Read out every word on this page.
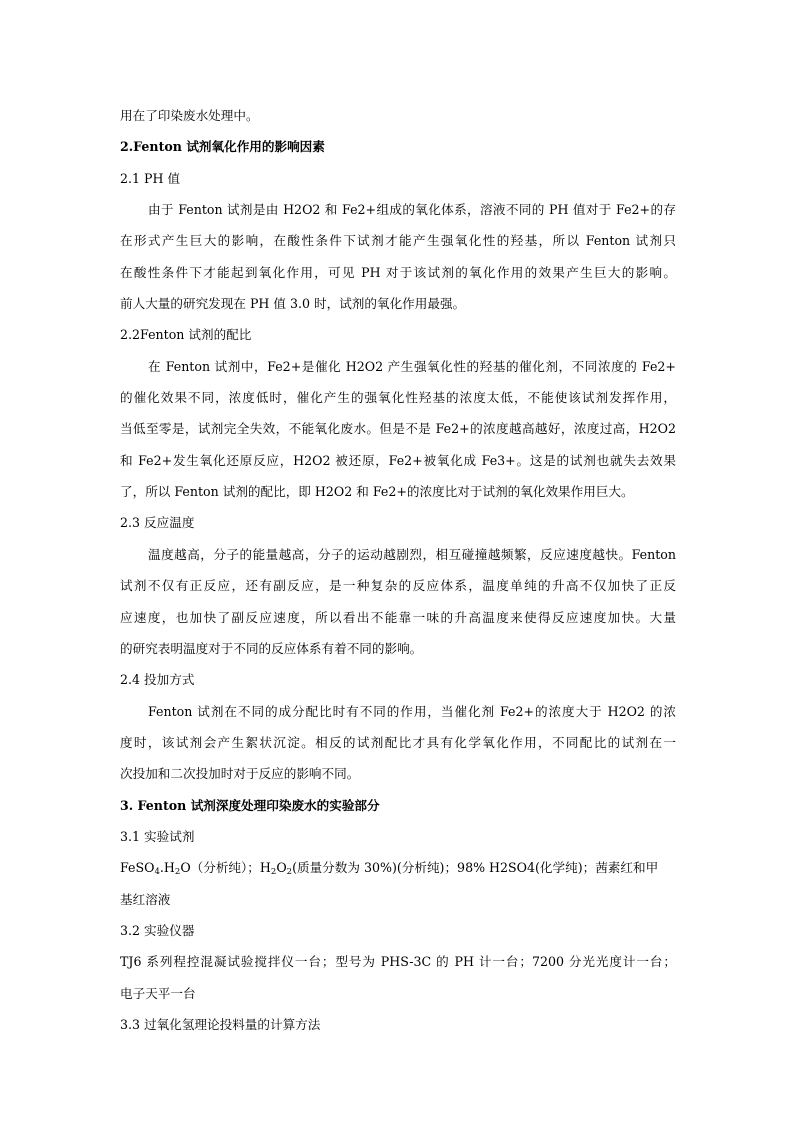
用在了印染废水处理中。
2.Fenton 试剂氧化作用的影响因素
2.1 PH 值
由于 Fenton 试剂是由 H2O2 和 Fe2+组成的氧化体系，溶液不同的 PH 值对于 Fe2+的存
在形式产生巨大的影响，在酸性条件下试剂才能产生强氧化性的羟基，所以 Fenton 试剂只
在酸性条件下才能起到氧化作用，可见 PH 对于该试剂的氧化作用的效果产生巨大的影响。
前人大量的研究发现在 PH 值 3.0 时，试剂的氧化作用最强。
2.2Fenton 试剂的配比
在 Fenton 试剂中，Fe2+是催化 H2O2 产生强氧化性的羟基的催化剂，不同浓度的 Fe2+
的催化效果不同，浓度低时，催化产生的强氧化性羟基的浓度太低，不能使该试剂发挥作用，
当低至零是，试剂完全失效，不能氧化废水。但是不是 Fe2+的浓度越高越好，浓度过高，H2O2
和 Fe2+发生氧化还原反应，H2O2 被还原，Fe2+被氧化成 Fe3+。这是的试剂也就失去效果
了，所以 Fenton 试剂的配比，即 H2O2 和 Fe2+的浓度比对于试剂的氧化效果作用巨大。
2.3 反应温度
温度越高，分子的能量越高，分子的运动越剧烈，相互碰撞越频繁，反应速度越快。Fenton
试剂不仅有正反应，还有副反应，是一种复杂的反应体系，温度单纯的升高不仅加快了正反
应速度，也加快了副反应速度，所以看出不能靠一味的升高温度来使得反应速度加快。大量
的研究表明温度对于不同的反应体系有着不同的影响。
2.4 投加方式
Fenton 试剂在不同的成分配比时有不同的作用，当催化剂 Fe2+的浓度大于 H2O2 的浓
度时，该试剂会产生絮状沉淀。相反的试剂配比才具有化学氧化作用，不同配比的试剂在一
次投加和二次投加时对于反应的影响不同。
3. Fenton 试剂深度处理印染废水的实验部分
3.1 实验试剂
$FeSO_4.H_2O$（分析纯）；$H_2O_2$(质量分数为 30%)(分析纯)；98% H2SO4(化学纯)；茜素红和甲
基红溶液
3.2 实验仪器
TJ6 系列程控混凝试验搅拌仪一台；型号为 PHS-3C 的 PH 计一台；7200 分光光度计一台；
电子天平一台
3.3 过氧化氢理论投料量的计算方法
